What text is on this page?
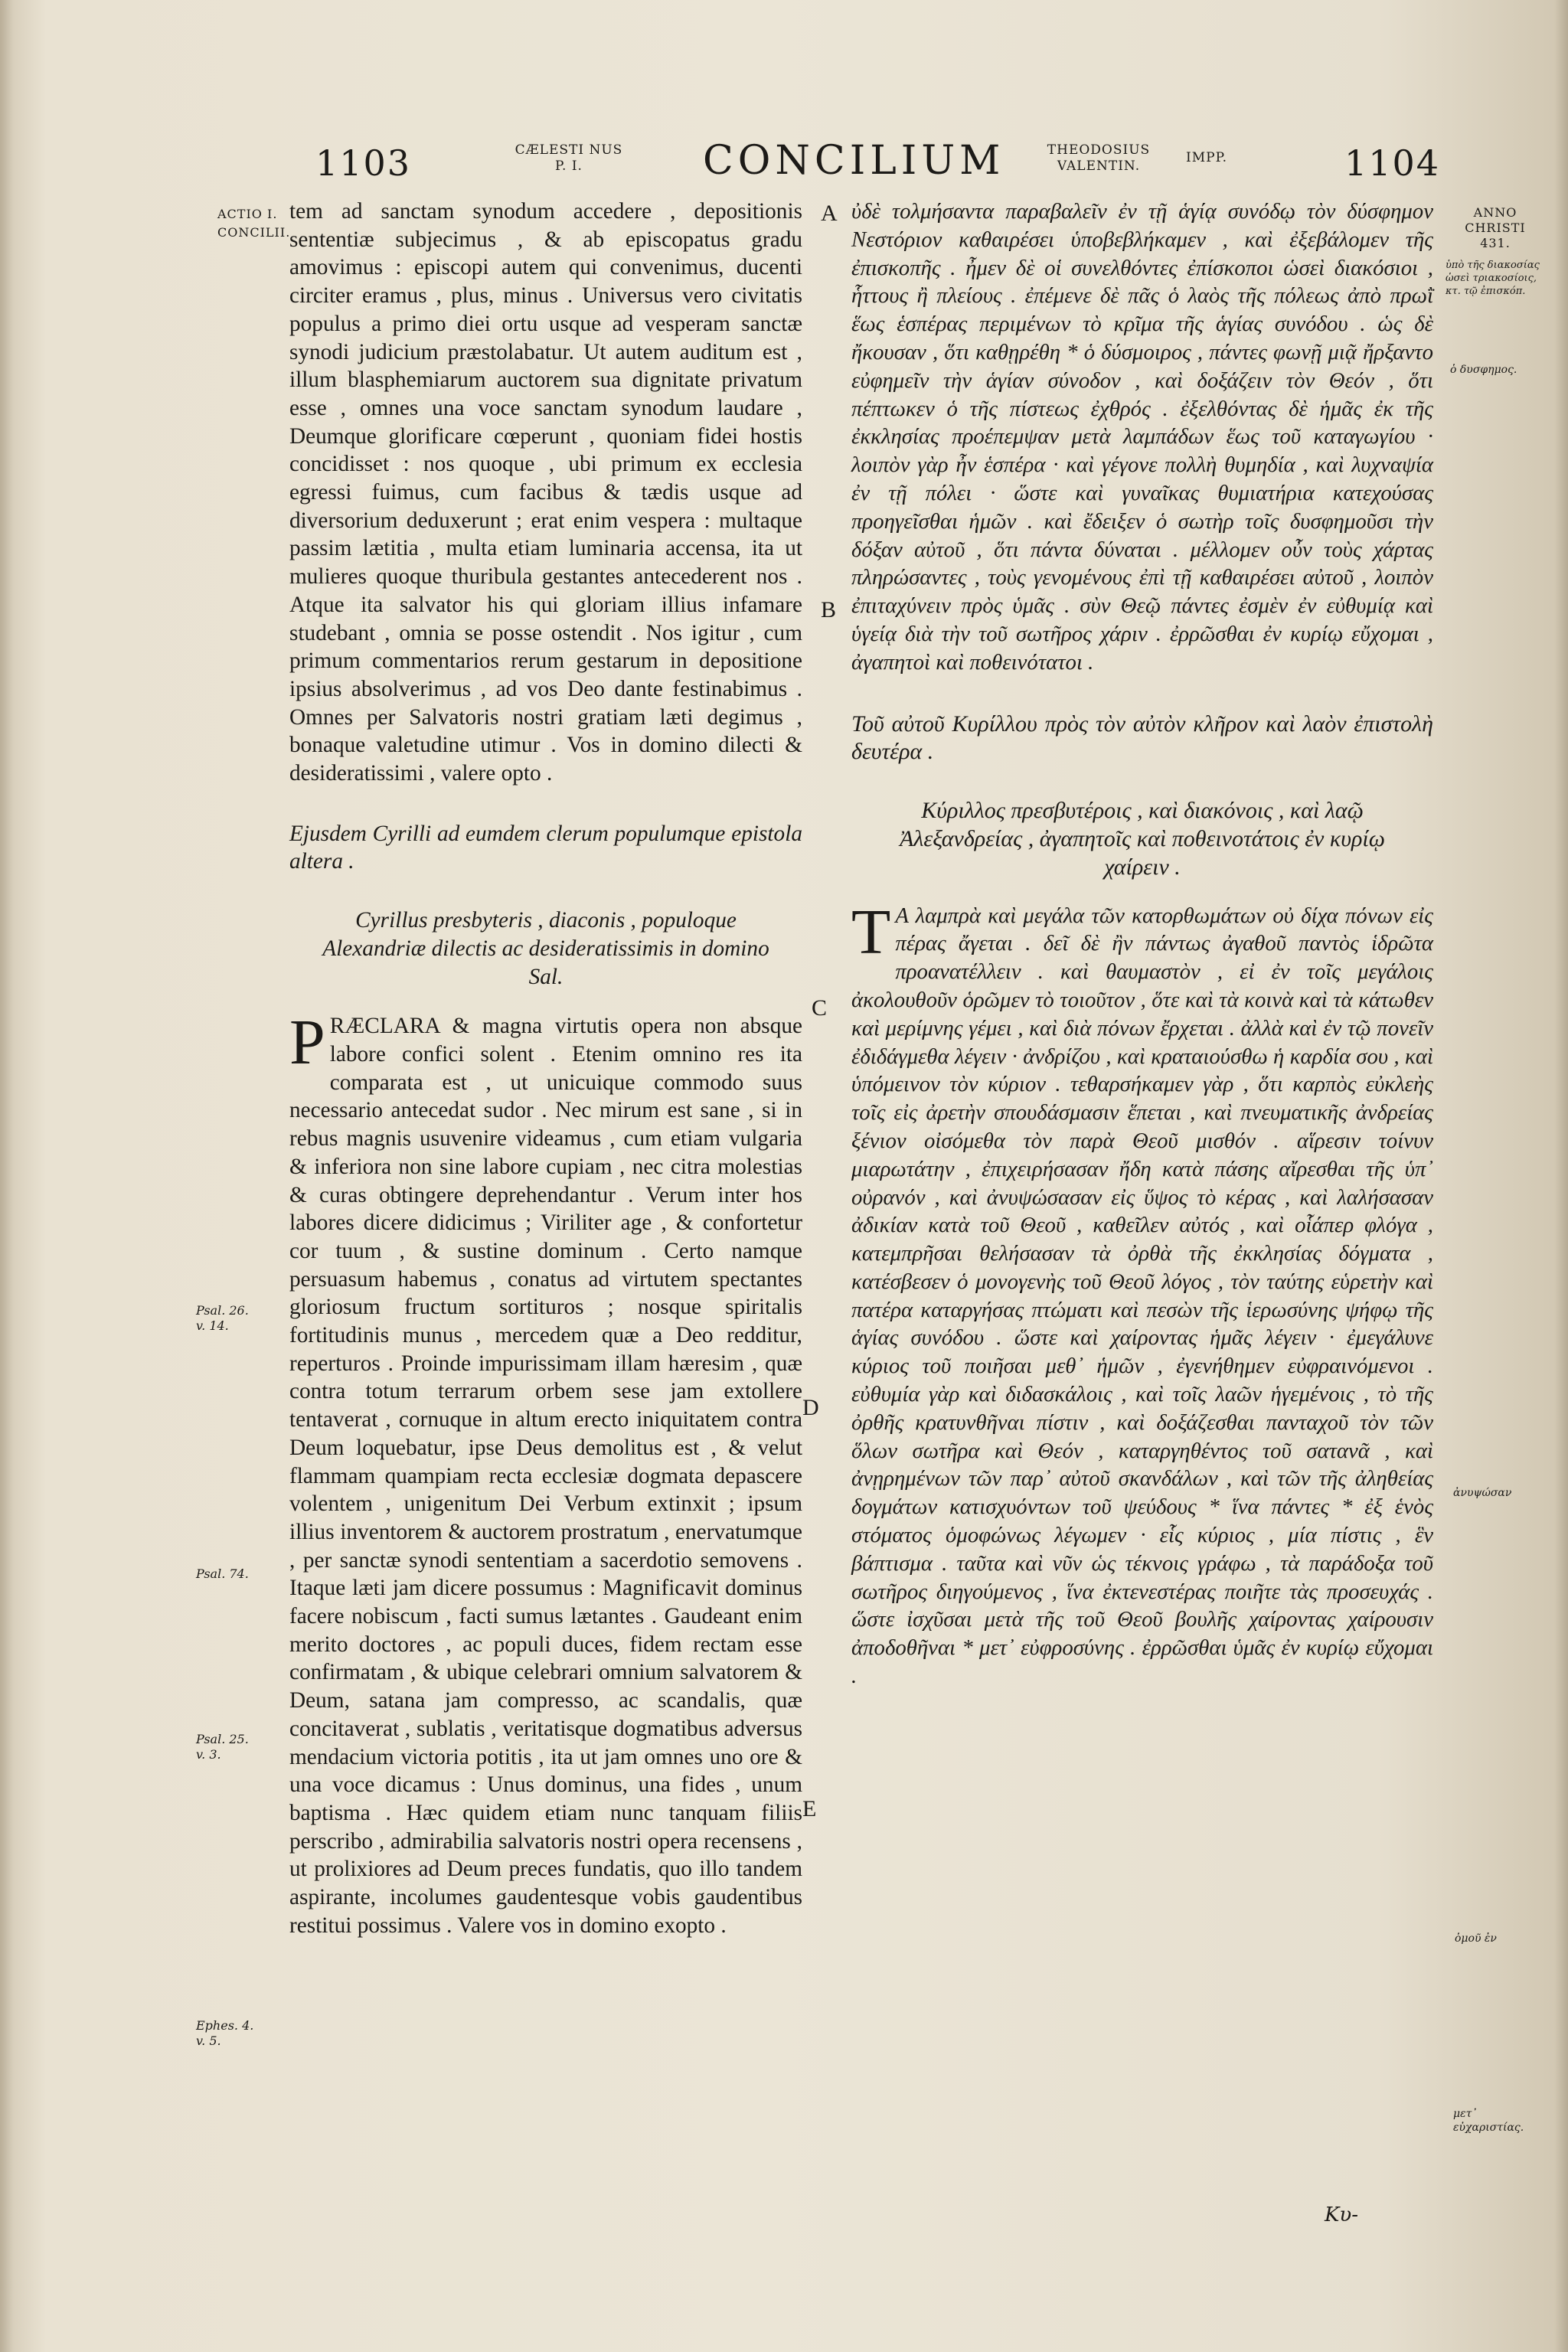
1103	CÆLESTI NUS
P. I.	CONCILIUM	THEODOSIUS
VALENTIN.
IMPP.	1104
ACTIO I.
CONCILII.
Psal. 26.
v. 14.
Psal. 74.
Psal. 25.
v. 3.
Ephes. 4.
v. 5.
ANNO
CHRISTI
431.
ὑπὸ τῆς διακοσίας ὡσεὶ τριακοσίοις, κτ. τῷ ἐπισκόπ.
ὁ δυσφημος.
ἀνυψώσαν
ὁμοῦ ἐν
μετ᾽ εὐχαριστίας.
A
B
C
D
E

tem ad sanctam synodum accedere , depositionis sententiæ subjecimus , & ab episcopatus gradu amovimus : episcopi autem qui convenimus, ducenti circiter eramus , plus, minus . Universus vero civitatis populus a primo diei ortu usque ad vesperam sanctæ synodi judicium præstolabatur. Ut autem auditum est , illum blasphemiarum auctorem sua dignitate privatum esse , omnes una voce sanctam synodum laudare , Deumque glorificare cœperunt , quoniam fidei hostis concidisset : nos quoque , ubi primum ex ecclesia egressi fuimus, cum facibus & tædis usque ad diversorium deduxerunt ; erat enim vespera : multaque passim lætitia , multa etiam luminaria accensa, ita ut mulieres quoque thuribula gestantes antecederent nos . Atque ita salvator his qui gloriam illius infamare studebant , omnia se posse ostendit . Nos igitur , cum primum commentarios rerum gestarum in depositione ipsius absolverimus , ad vos Deo dante festinabimus . Omnes per Salvatoris nostri gratiam læti degimus , bonaque valetudine utimur . Vos in domino dilecti & desideratissimi , valere opto .

Ejusdem Cyrilli ad eumdem clerum populumque epistola altera .

Cyrillus presbyteris , diaconis , populoque Alexandriæ dilectis ac desideratissimis in domino Sal.

PRÆCLARA & magna virtutis opera non absque labore confici solent . Etenim omnino res ita comparata est , ut unicuique commodo suus necessario antecedat sudor . Nec mirum est sane , si in rebus magnis usuvenire videamus , cum etiam vulgaria & inferiora non sine labore cupiam , nec citra molestias & curas obtingere deprehendantur . Verum inter hos labores dicere didicimus ; Viriliter age , & confortetur cor tuum , & sustine dominum . Certo namque persuasum habemus , conatus ad virtutem spectantes gloriosum fructum sortituros ; nosque spiritalis fortitudinis munus , mercedem quæ a Deo redditur, reperturos . Proinde impurissimam illam hæresim , quæ contra totum terrarum orbem sese jam extollere tentaverat , cornuque in altum erecto iniquitatem contra Deum loquebatur, ipse Deus demolitus est , & velut flammam quampiam recta ecclesiæ dogmata depascere volentem , unigenitum Dei Verbum extinxit ; ipsum illius inventorem & auctorem prostratum , enervatumque , per sanctæ synodi sententiam a sacerdotio semovens . Itaque læti jam dicere possumus : Magnificavit dominus facere nobiscum , facti sumus lætantes . Gaudeant enim merito doctores , ac populi duces, fidem rectam esse confirmatam , & ubique celebrari omnium salvatorem & Deum, satana jam compresso, ac scandalis, quæ concitaverat , sublatis , veritatisque dogmatibus adversus mendacium victoria potitis , ita ut jam omnes uno ore & una voce dicamus : Unus dominus, una fides , unum baptisma . Hæc quidem etiam nunc tanquam filiis perscribo , admirabilia salvatoris nostri opera recensens , ut prolixiores ad Deum preces fundatis, quo illo tandem aspirante, incolumes gaudentesque vobis gaudentibus restitui possimus . Valere vos in domino exopto .

ὐδὲ τολμήσαντα παραβαλεῖν ἐν τῇ ἁγίᾳ συνόδῳ τὸν δύσφημον Νεστόριον καθαιρέσει ὑποβεβλήκαμεν , καὶ ἐξεβάλομεν τῆς ἐπισκοπῆς . ἦμεν δὲ οἱ συνελθόντες ἐπίσκοποι ὡσεὶ διακόσιοι , ἧττους ἢ πλείους . ἐπέμενε δὲ πᾶς ὁ λαὸς τῆς πόλεως ἀπὸ πρωῒ ἕως ἑσπέρας περιμένων τὸ κρῖμα τῆς ἁγίας συνόδου . ὡς δὲ ἤκουσαν , ὅτι καθῃρέθη * ὁ δύσμοιρος , πάντες φωνῇ μιᾷ ἤρξαντο εὐφημεῖν τὴν ἁγίαν σύνοδον , καὶ δοξάζειν τὸν Θεόν , ὅτι πέπτωκεν ὁ τῆς πίστεως ἐχθρός . ἐξελθόντας δὲ ἡμᾶς ἐκ τῆς ἐκκλησίας προέπεμψαν μετὰ λαμπάδων ἕως τοῦ καταγωγίου · λοιπὸν γὰρ ἦν ἑσπέρα · καὶ γέγονε πολλὴ θυμηδία , καὶ λυχναψία ἐν τῇ πόλει · ὥστε καὶ γυναῖκας θυμιατήρια κατεχούσας προηγεῖσθαι ἡμῶν . καὶ ἔδειξεν ὁ σωτὴρ τοῖς δυσφημοῦσι τὴν δόξαν αὐτοῦ , ὅτι πάντα δύναται . μέλλομεν οὖν τοὺς χάρτας πληρώσαντες , τοὺς γενομένους ἐπὶ τῇ καθαιρέσει αὐτοῦ , λοιπὸν ἐπιταχύνειν πρὸς ὑμᾶς . σὺν Θεῷ πάντες ἐσμὲν ἐν εὐθυμίᾳ καὶ ὑγείᾳ διὰ τὴν τοῦ σωτῆρος χάριν . ἐρρῶσθαι ἐν κυρίῳ εὔχομαι , ἀγαπητοὶ καὶ ποθεινότατοι .

Τοῦ αὐτοῦ Κυρίλλου πρὸς τὸν αὐτὸν κλῆρον καὶ λαὸν ἐπιστολὴ δευτέρα .

Κύριλλος πρεσβυτέροις , καὶ διακόνοις , καὶ λαῷ Ἀλεξανδρείας , ἀγαπητοῖς καὶ ποθεινοτάτοις ἐν κυρίῳ χαίρειν .

Τ Α λαμπρὰ καὶ μεγάλα τῶν κατορθωμάτων οὐ δίχα πόνων εἰς πέρας ἄγεται . δεῖ δὲ ἢν πάντως ἀγαθοῦ παντὸς ἱδρῶτα προανατέλλειν . καὶ θαυμαστὸν , εἰ ἐν τοῖς μεγάλοις ἀκολουθοῦν ὁρῶμεν τὸ τοιοῦτον , ὅτε καὶ τὰ κοινὰ καὶ τὰ κάτωθεν καὶ μερίμνης γέμει , καὶ διὰ πόνων ἔρχεται . ἀλλὰ καὶ ἐν τῷ πονεῖν ἐδιδάγμεθα λέγειν · ἀνδρίζου , καὶ κραταιούσθω ἡ καρδία σου , καὶ ὑπόμεινον τὸν κύριον . τεθαρσήκαμεν γὰρ , ὅτι καρπὸς εὐκλεὴς τοῖς εἰς ἀρετὴν σπουδάσμασιν ἕπεται , καὶ πνευματικῆς ἀνδρείας ξένιον οἰσόμεθα τὸν παρὰ Θεοῦ μισθόν . αἵρεσιν τοίνυν μιαρωτάτην , ἐπιχειρήσασαν ἤδη κατὰ πάσης αἴρεσθαι τῆς ὑπ᾽ οὐρανόν , καὶ ἀνυψώσασαν εἰς ὕψος τὸ κέρας , καὶ λαλήσασαν ἀδικίαν κατὰ τοῦ Θεοῦ , καθεῖλεν αὐτός , καὶ οἷάπερ φλόγα , κατεμπρῆσαι θελήσασαν τὰ ὀρθὰ τῆς ἐκκλησίας δόγματα , κατέσβεσεν ὁ μονογενὴς τοῦ Θεοῦ λόγος , τὸν ταύτης εὑρετὴν καὶ πατέρα καταργήσας πτώματι καὶ πεσὼν τῆς ἱερωσύνης ψήφῳ τῆς ἁγίας συνόδου . ὥστε καὶ χαίροντας ἡμᾶς λέγειν · ἐμεγάλυνε κύριος τοῦ ποιῆσαι μεθ᾽ ἡμῶν , ἐγενήθημεν εὐφραινόμενοι . εὐθυμία γὰρ καὶ διδασκάλοις , καὶ τοῖς λαῶν ἡγεμένοις , τὸ τῆς ὀρθῆς κρατυνθῆναι πίστιν , καὶ δοξάζεσθαι πανταχοῦ τὸν τῶν ὅλων σωτῆρα καὶ Θεόν , καταργηθέντος τοῦ σατανᾶ , καὶ ἀνῃρημένων τῶν παρ᾽ αὐτοῦ σκανδάλων , καὶ τῶν τῆς ἀληθείας δογμάτων κατισχυόντων τοῦ ψεύδους * ἵνα πάντες * ἐξ ἑνὸς στόματος ὁμοφώνως λέγωμεν · εἷς κύριος , μία πίστις , ἓν βάπτισμα . ταῦτα καὶ νῦν ὡς τέκνοις γράφω , τὰ παράδοξα τοῦ σωτῆρος διηγούμενος , ἵνα ἐκτενεστέρας ποιῆτε τὰς προσευχάς . ὥστε ἰσχῦσαι μετὰ τῆς τοῦ Θεοῦ βουλῆς χαίροντας χαίρουσιν ἀποδοθῆναι * μετ᾽ εὐφροσύνης . ἐρρῶσθαι ὑμᾶς ἐν κυρίῳ εὔχομαι .

Κυ-
